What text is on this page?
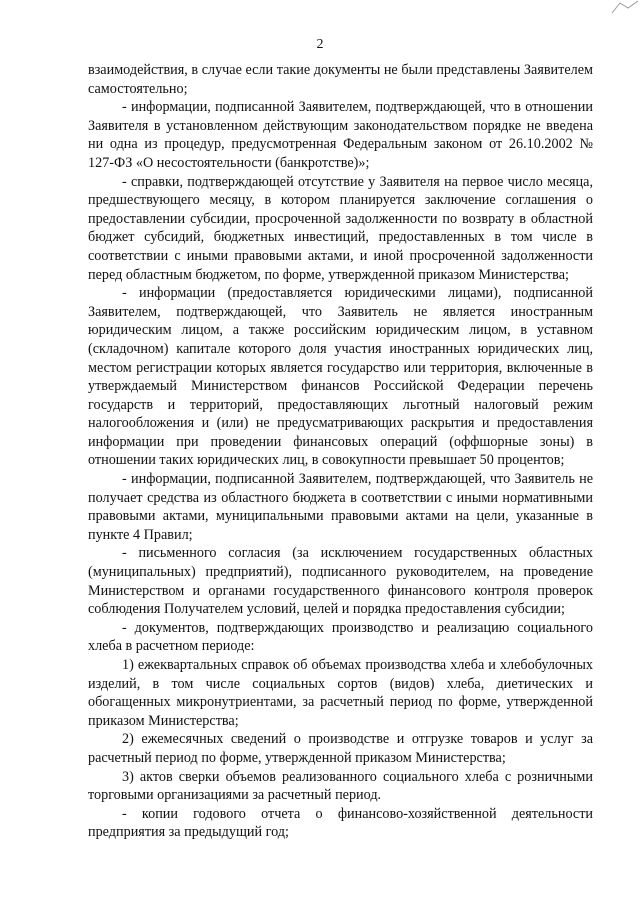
2

взаимодействия, в случае если такие документы не были представлены Заявителем самостоятельно;

- информации, подписанной Заявителем, подтверждающей, что в отношении Заявителя в установленном действующим законодательством порядке не введена ни одна из процедур, предусмотренная Федеральным законом от 26.10.2002 № 127-ФЗ «О несостоятельности (банкротстве)»;

- справки, подтверждающей отсутствие у Заявителя на первое число месяца, предшествующего месяцу, в котором планируется заключение соглашения о предоставлении субсидии, просроченной задолженности по возврату в областной бюджет субсидий, бюджетных инвестиций, предоставленных в том числе в соответствии с иными правовыми актами, и иной просроченной задолженности перед областным бюджетом, по форме, утвержденной приказом Министерства;

- информации (предоставляется юридическими лицами), подписанной Заявителем, подтверждающей, что Заявитель не является иностранным юридическим лицом, а также российским юридическим лицом, в уставном (складочном) капитале которого доля участия иностранных юридических лиц, местом регистрации которых является государство или территория, включенные в утверждаемый Министерством финансов Российской Федерации перечень государств и территорий, предоставляющих льготный налоговый режим налогообложения и (или) не предусматривающих раскрытия и предоставления информации при проведении финансовых операций (оффшорные зоны) в отношении таких юридических лиц, в совокупности превышает 50 процентов;

- информации, подписанной Заявителем, подтверждающей, что Заявитель не получает средства из областного бюджета в соответствии с иными нормативными правовыми актами, муниципальными правовыми актами на цели, указанные в пункте 4 Правил;

- письменного согласия (за исключением государственных областных (муниципальных) предприятий), подписанного руководителем, на проведение Министерством и органами государственного финансового контроля проверок соблюдения Получателем условий, целей и порядка предоставления субсидии;

- документов, подтверждающих производство и реализацию социального хлеба в расчетном периоде:

1) ежеквартальных справок об объемах производства хлеба и хлебобулочных изделий, в том числе социальных сортов (видов) хлеба, диетических и обогащенных микронутриентами, за расчетный период по форме, утвержденной приказом Министерства;

2) ежемесячных сведений о производстве и отгрузке товаров и услуг за расчетный период по форме, утвержденной приказом Министерства;

3) актов сверки объемов реализованного социального хлеба с розничными торговыми организациями за расчетный период.

- копии годового отчета о финансово-хозяйственной деятельности предприятия за предыдущий год;
